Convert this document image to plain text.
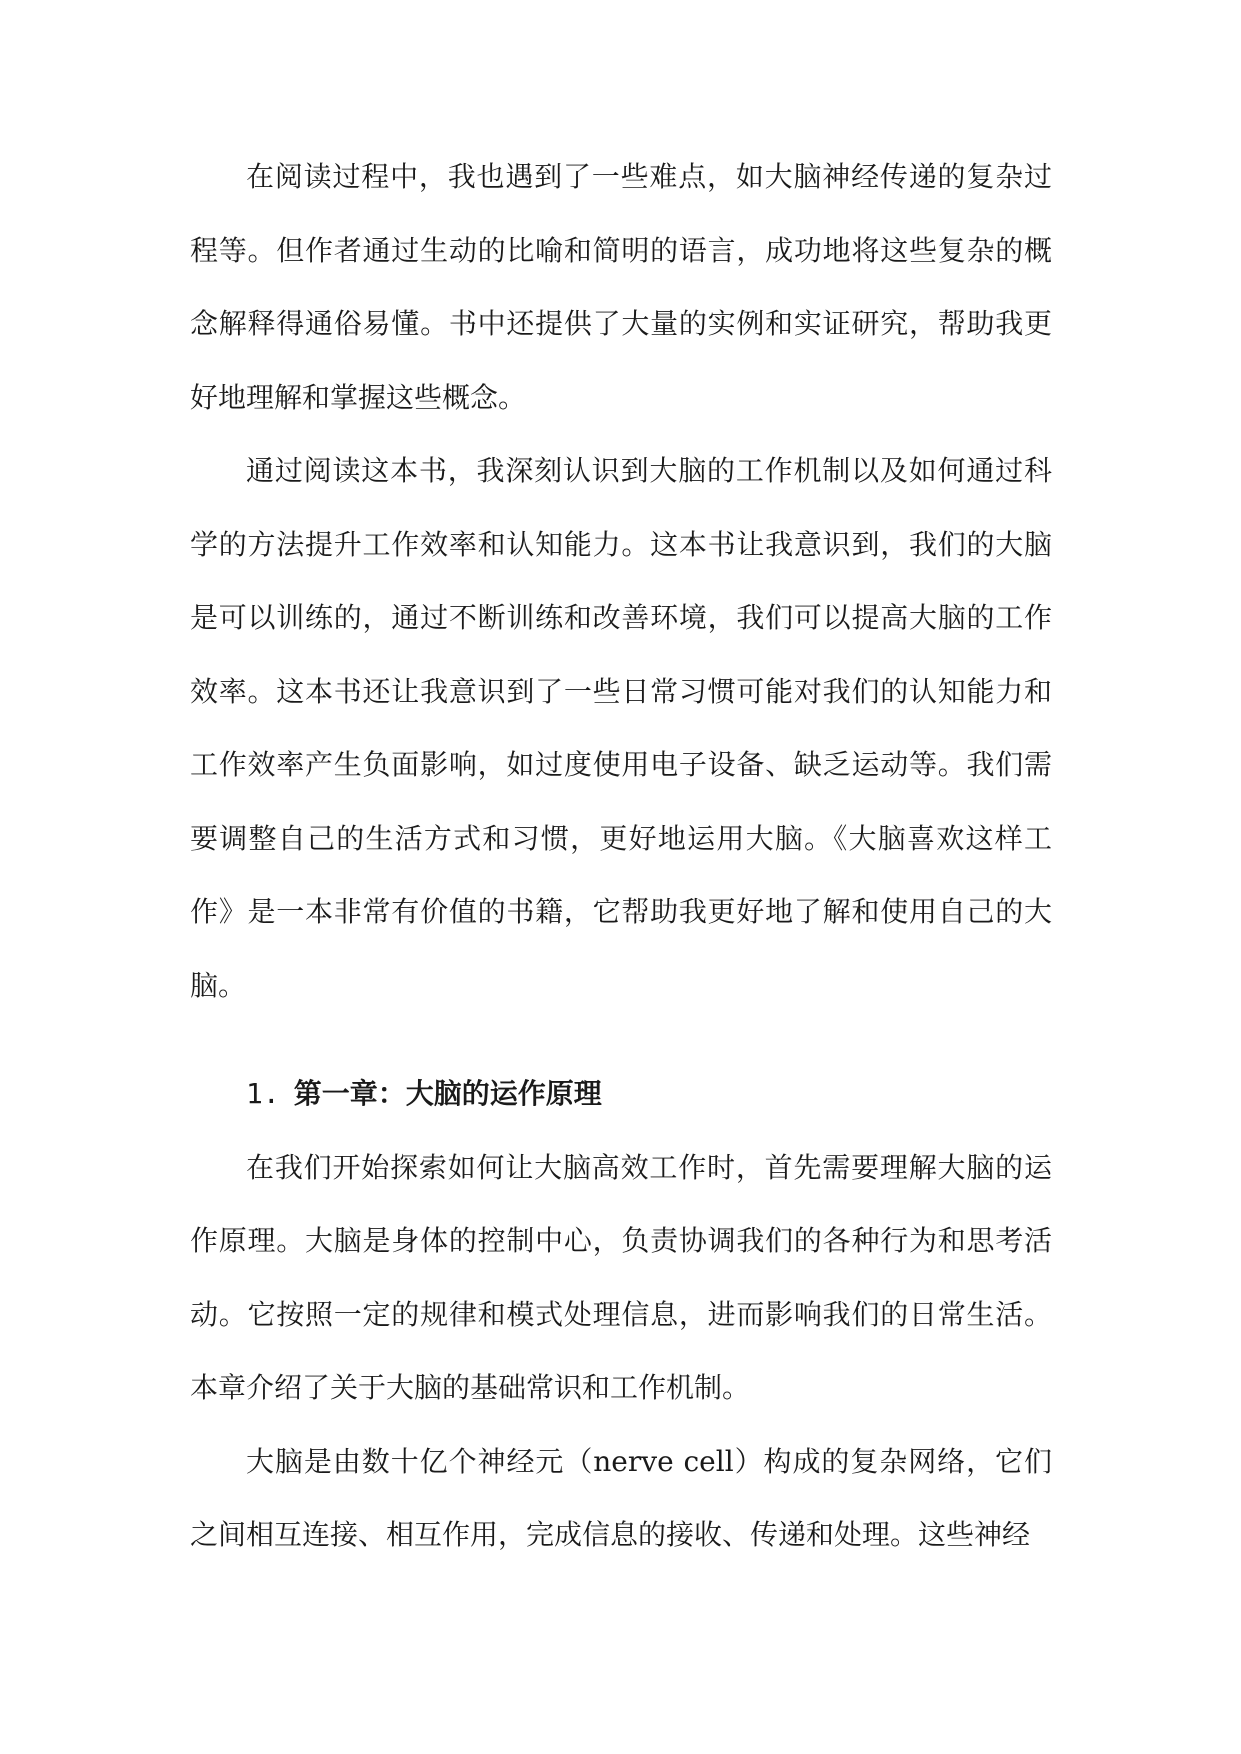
在阅读过程中，我也遇到了一些难点，如大脑神经传递的复杂过程等。但作者通过生动的比喻和简明的语言，成功地将这些复杂的概念解释得通俗易懂。书中还提供了大量的实例和实证研究，帮助我更好地理解和掌握这些概念。

通过阅读这本书，我深刻认识到大脑的工作机制以及如何通过科学的方法提升工作效率和认知能力。这本书让我意识到，我们的大脑是可以训练的，通过不断训练和改善环境，我们可以提高大脑的工作效率。这本书还让我意识到了一些日常习惯可能对我们的认知能力和工作效率产生负面影响，如过度使用电子设备、缺乏运动等。我们需要调整自己的生活方式和习惯，更好地运用大脑。《大脑喜欢这样工作》是一本非常有价值的书籍，它帮助我更好地了解和使用自己的大脑。

1. 第一章：大脑的运作原理

在我们开始探索如何让大脑高效工作时，首先需要理解大脑的运作原理。大脑是身体的控制中心，负责协调我们的各种行为和思考活动。它按照一定的规律和模式处理信息，进而影响我们的日常生活。本章介绍了关于大脑的基础常识和工作机制。

大脑是由数十亿个神经元（nerve cell）构成的复杂网络，它们之间相互连接、相互作用，完成信息的接收、传递和处理。这些神经
